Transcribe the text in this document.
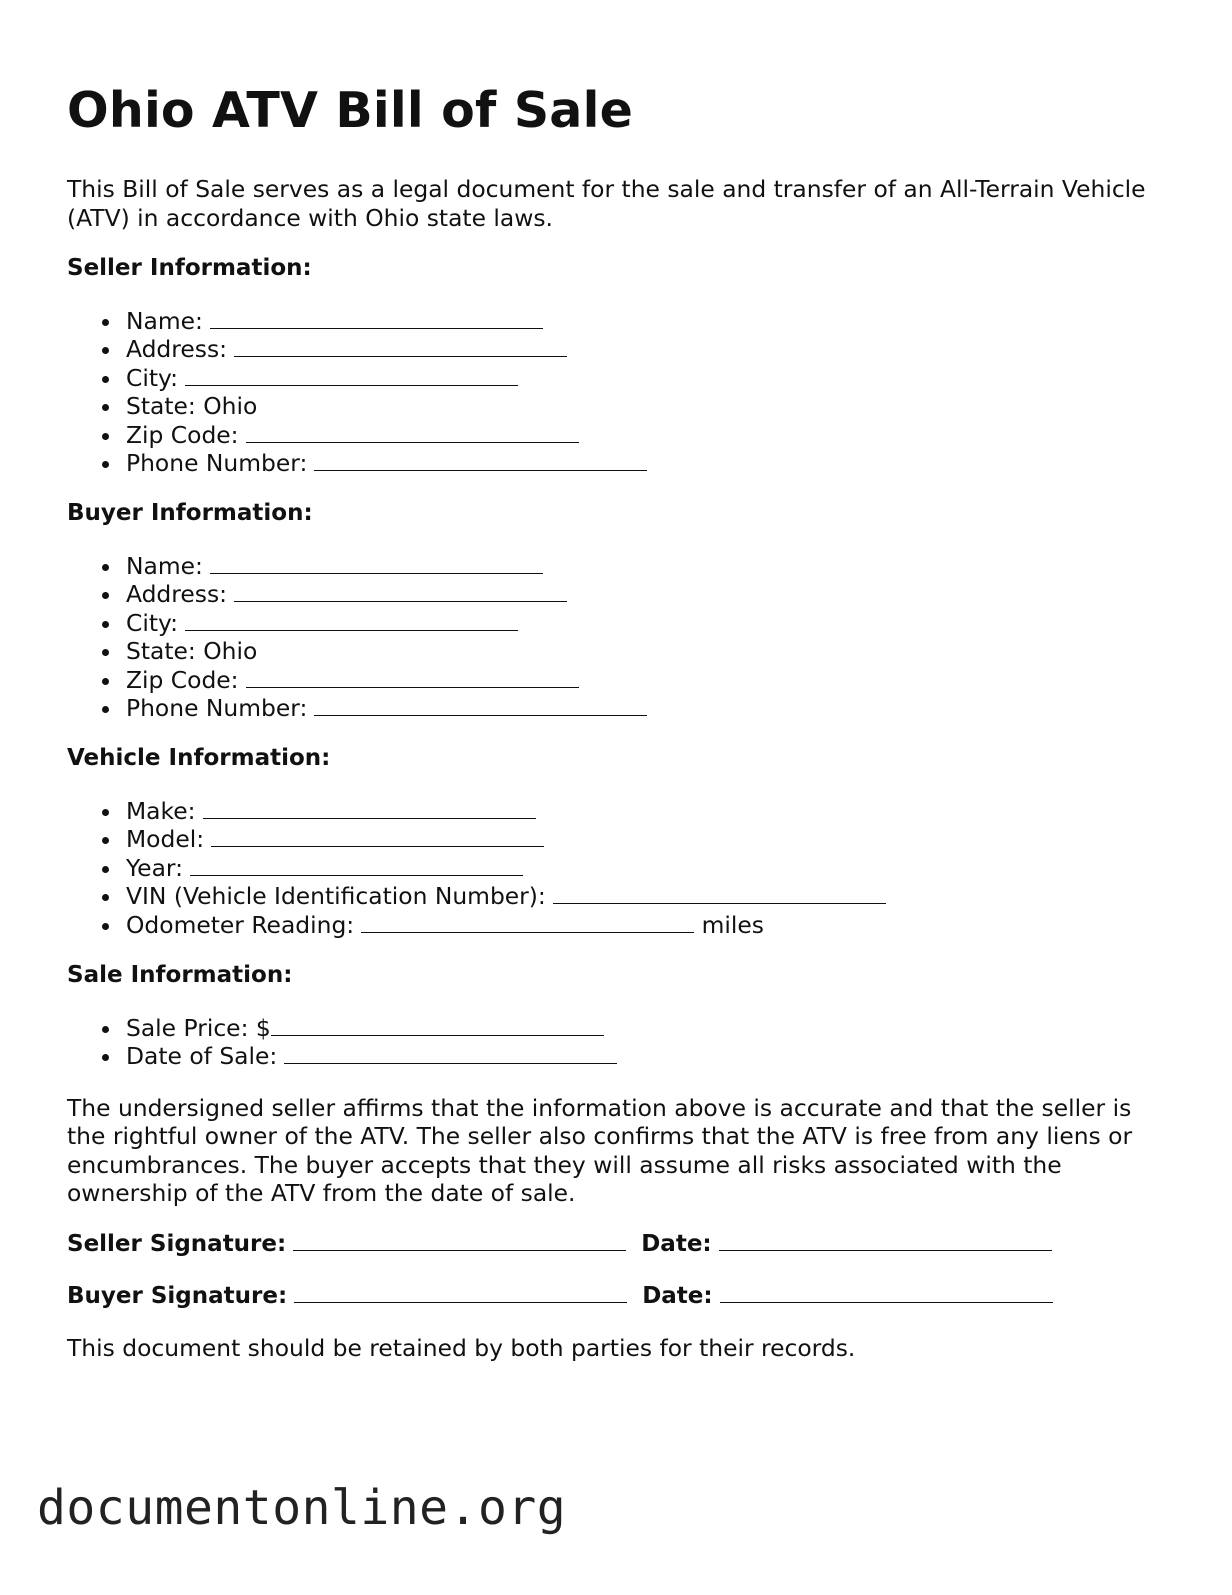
Ohio ATV Bill of Sale

This Bill of Sale serves as a legal document for the sale and transfer of an All-Terrain Vehicle (ATV) in accordance with Ohio state laws.

Seller Information:
Name:
Address:
City:
State: Ohio
Zip Code:
Phone Number:
Buyer Information:
Name:
Address:
City:
State: Ohio
Zip Code:
Phone Number:
Vehicle Information:
Make:
Model:
Year:
VIN (Vehicle Identification Number):
Odometer Reading:	miles
Sale Information:
Sale Price: $
Date of Sale:

The undersigned seller affirms that the information above is accurate and that the seller is the rightful owner of the ATV. The seller also confirms that the ATV is free from any liens or encumbrances. The buyer accepts that they will assume all risks associated with the ownership of the ATV from the date of sale.

Seller Signature:	Date:
Buyer Signature:	Date:

This document should be retained by both parties for their records.

documentonline.org
